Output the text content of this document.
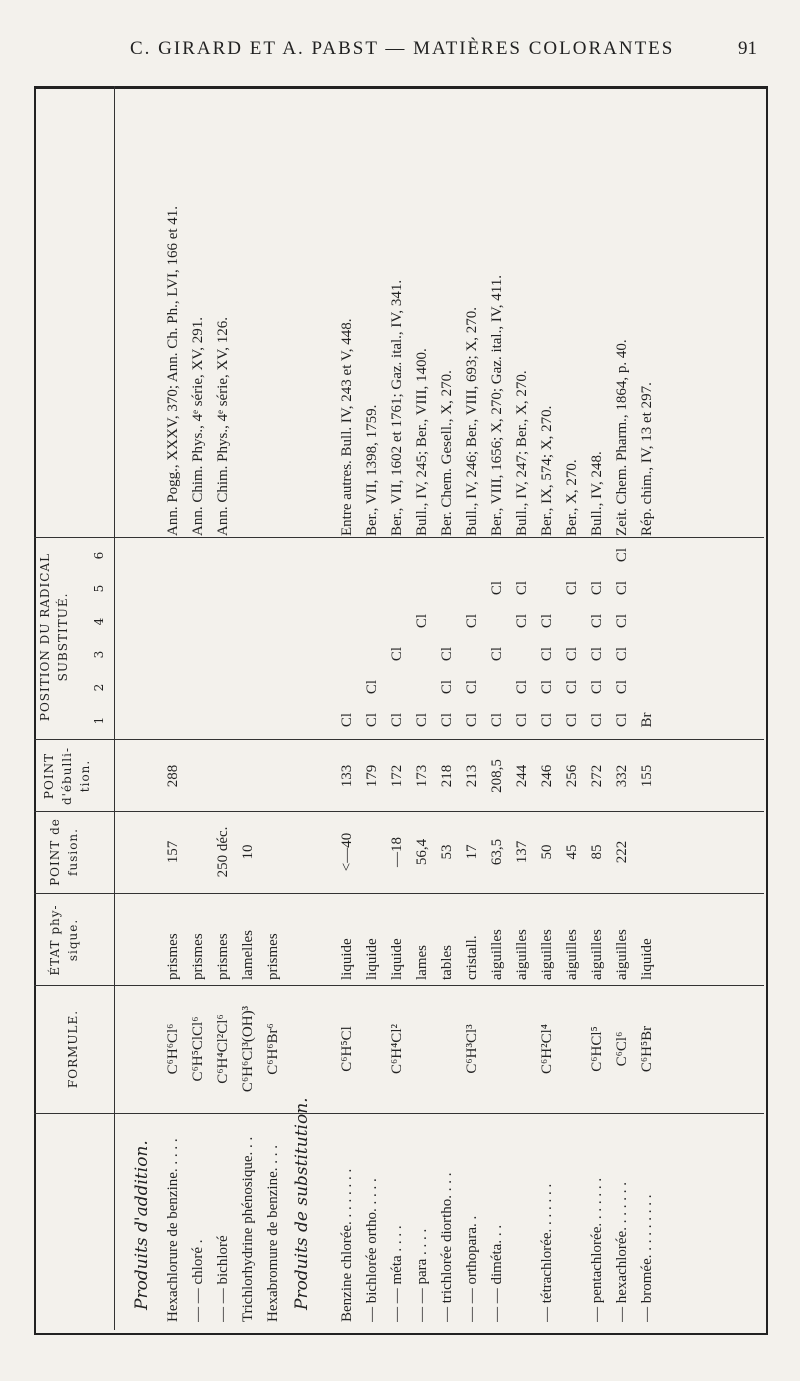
C. GIRARD ET A. PABST — MATIÈRES COLORANTES	91
FORMULE.
ÉTAT phy- sique.
POINT de fusion.
POINT d'ébulli- tion.
POSITION DU RADICAL SUBSTITUÉ.
1
2
3
4
5
6
Produits d'addition. Hexachlorure de benzine. . . . .
C⁶H⁶Cl⁶
prismes
157
288
Ann. Pogg., XXXV, 370; Ann. Ch. Ph., LVI, 166 et 41.
— — chloré .
C⁶H⁵ClCl⁶
prismes
Ann. Chim. Phys., 4ᵉ série, XV, 291.
— — bichloré
C⁶H⁴Cl²Cl⁶
prismes
250 déc.
Ann. Chim. Phys., 4ᵉ série, XV, 126.
Trichlorhydrine phénosique. . .
C⁶H⁶Cl³(OH)³
lamelles
10
Hexabromure de benzine. . . .
C⁶H⁶Br⁶
prismes
Produits de substitution.	Benzine chlorée. . . . . . . .
C⁶H⁵Cl
liquide
<—40
133
Cl
Entre autres. Bull. IV, 243 et V, 448.
— bichlorée ortho. . . . .
liquide
179
Cl
Cl
Ber., VII, 1398, 1759.
— — méta . . . .
C⁶H⁴Cl²
liquide
—18
172
Cl
Cl
Ber., VII, 1602 et 1761; Gaz. ital., IV, 341.
— — para . . . .
lames
56,4
173
Cl
Cl
Bull., IV, 245; Ber., VIII, 1400.
— trichlorée diortho. . . .
tables
53
218
Cl
Cl
Cl
Ber. Chem. Gesell., X, 270.
— — orthopara. .
C⁶H³Cl³
cristall.
17
213
Cl
Cl
Cl
Bull., IV, 246; Ber., VIII, 693; X, 270.
— — diméta. . .
aiguilles
63,5
208,5
Cl
Cl
Cl
Ber., VIII, 1656; X, 270; Gaz. ital., IV, 411.
aiguilles
137
244
Cl
Cl
Cl
Cl
Bull., IV, 247; Ber., X, 270.
— tétrachlorée. . . . . . .
C⁶H²Cl⁴
aiguilles
50
246
Cl
Cl
Cl
Cl
Ber., IX, 574; X, 270.
aiguilles
45
256
Cl
Cl
Cl
Cl
Ber., X, 270.
— pentachlorée. . . . . . .
C⁶HCl⁵
aiguilles
85
272
Cl
Cl
Cl
Cl
Cl
Bull., IV, 248.
— hexachlorée. . . . . . .
C⁶Cl⁶
aiguilles
222
332
Cl
Cl
Cl
Cl
Cl
Cl
Zeit. Chem. Pharm., 1864, p. 40.
— bromée. . . . . . . . .
C⁶H⁵Br
liquide
155
Br
Rép. chim., IV, 13 et 297.
